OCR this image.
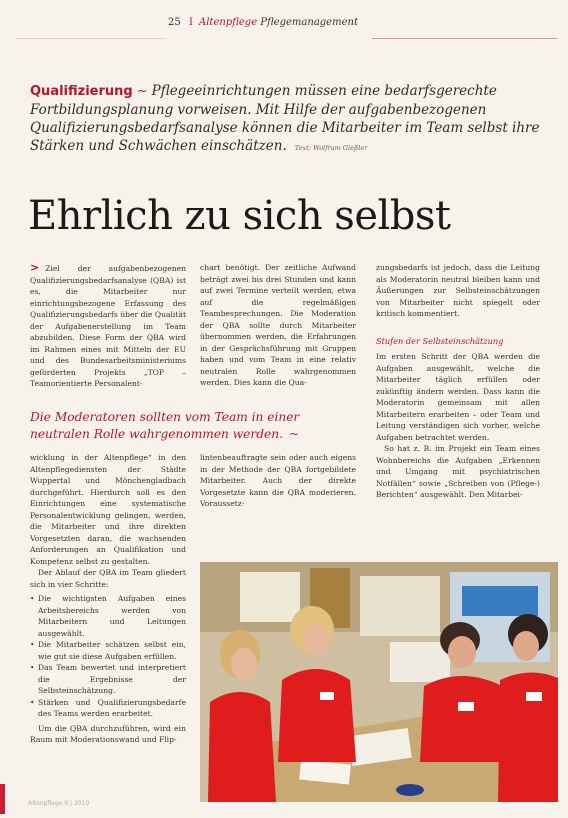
25 I Altenpflege Pflegemanagement
Qualifizierung ~ Pflegeeinrichtungen müssen eine bedarfsgerechte Fortbildungsplanung vorweisen. Mit Hilfe der aufgabenbezogenen Qualifizierungsbedarfsanalyse können die Mitarbeiter im Team selbst ihre Stärken und Schwächen einschätzen. Text: Wolfram Gießler
Ehrlich zu sich selbst

> Ziel der aufgabenbezogenen Qualifizierungsbedarfsanalyse (QBA) ist es, die Mitarbeiter nur einrichtungsbezogene Erfassung des Qualifizierungsbedarfs über die Qualität der Aufgabenerstellung im Team abzubilden. Diese Form der QBA wird im Rahmen eines mit Mitteln der EU und des Bundesarbeitsministeriums geförderten Projekts „TOP – Teamorientierte Personalent-

chart benötigt. Der zeitliche Aufwand beträgt zwei bis drei Stunden und kann auf zwei Termine verteilt werden, etwa auf die regelmäßigen Teambesprechungen. Die Moderation der QBA sollte durch Mitarbeiter übernommen werden, die Erfahrungen in der Gesprächsführung mit Gruppen haben und vom Team in eine relativ neutralen Rolle wahrgenommen werden. Dies kann die Qua-

zungsbedarfs ist jedoch, dass die Leitung als Moderatorin neutral bleiben kann und Äußerungen zur Selbsteinschätzungen von Mitarbeiter nicht spiegelt oder kritisch kommentiert.

Stufen der Selbsteinschätzung

Im ersten Schritt der QBA werden die Aufgaben ausgewählt, welche die Mitarbeiter täglich erfüllen oder zukünftig ändern werden. Dass kann die Moderatorin gemeinsam mit allen Mitarbeitern erarbeiten – oder Team und Leitung verständigen sich vorher, welche Aufgaben betrachtet werden.

So hat z. B. im Projekt ein Team eines Wohnbereichs die Aufgaben „Erkennen und Umgang mit psychiatrischen Notfällen“ sowie „Schreiben von (Pflege-) Berichten“ ausgewählt. Den Mitarbei-

Die Moderatoren sollten vom Team in einer neutralen Rolle wahrgenommen werden. ~

wicklung in der Altenpflege“ in den Altenpflegediensten der Städte Wuppertal und Mönchengladbach durchgeführt. Hierdurch soll es den Einrichtungen eine systematische Personalentwicklung gelingen, werden, die Mitarbeiter und ihre direkten Vorgesetzten daran, die wachsenden Anforderungen an Qualifikation und Kompetenz selbst zu gestalten.

Der Ablauf der QBA im Team gliedert sich in vier Schritte:

• Die wichtigsten Aufgaben eines Arbeitsbereichs werden von Mitarbeitern und Leitungen ausgewählt.
• Die Mitarbeiter schätzen selbst ein, wie gut sie diese Aufgaben erfüllen.
• Das Team bewertet und interpretiert die Ergebnisse der Selbsteinschätzung.
• Stärken und Qualifizierungsbedarfe des Teams werden erarbeitet.

Um die QBA durchzuführen, wird ein Raum mit Moderationswand und Flip-

lintenbeauftragte sein oder auch eigens in der Methode der QBA fortgebildete Mitarbeiter. Auch der direkte Vorgesetzte kann die QBA moderieren. Voraussetz-

Altenpflege 9 | 2010
